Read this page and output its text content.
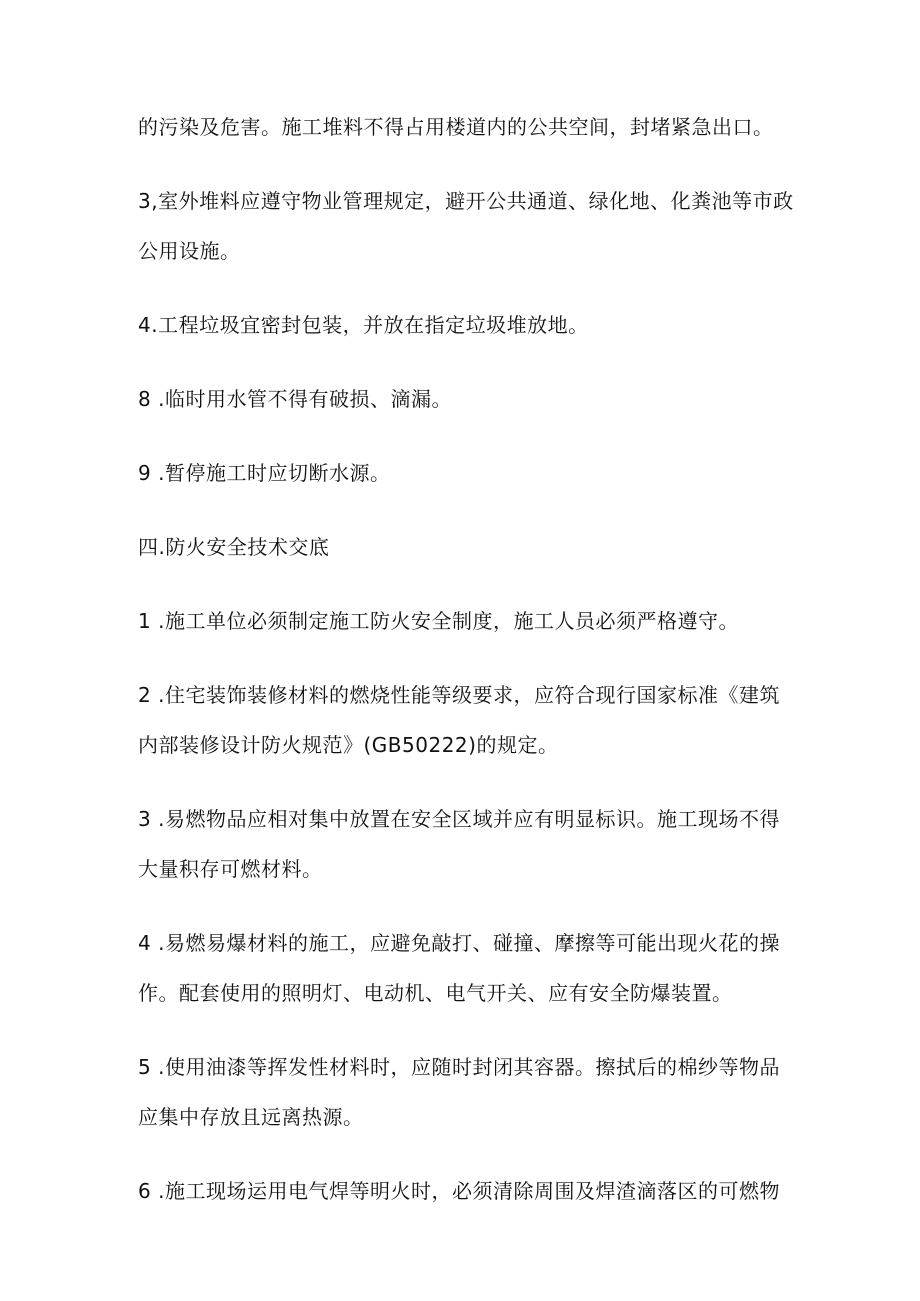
的污染及危害。施工堆料不得占用楼道内的公共空间，封堵紧急出口。

3,室外堆料应遵守物业管理规定，避开公共通道、绿化地、化粪池等市政公用设施。

4.工程垃圾宜密封包装，并放在指定垃圾堆放地。

8 .临时用水管不得有破损、滴漏。

9 .暂停施工时应切断水源。

四.防火安全技术交底

1 .施工单位必须制定施工防火安全制度，施工人员必须严格遵守。

2 .住宅装饰装修材料的燃烧性能等级要求，应符合现行国家标准《建筑内部装修设计防火规范》(GB50222)的规定。

3 .易燃物品应相对集中放置在安全区域并应有明显标识。施工现场不得大量积存可燃材料。

4 .易燃易爆材料的施工，应避免敲打、碰撞、摩擦等可能出现火花的操作。配套使用的照明灯、电动机、电气开关、应有安全防爆装置。

5 .使用油漆等挥发性材料时，应随时封闭其容器。擦拭后的棉纱等物品应集中存放且远离热源。

6 .施工现场运用电气焊等明火时，必须清除周围及焊渣滴落区的可燃物
